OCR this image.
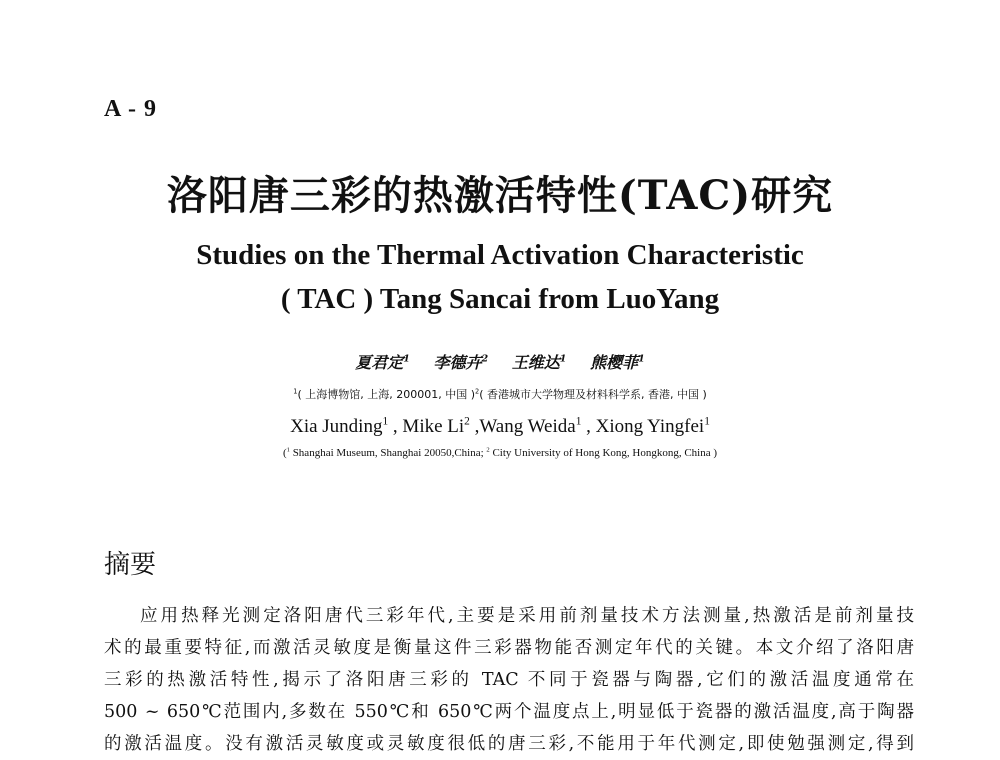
A - 9
洛阳唐三彩的热激活特性(TAC)研究
Studies on the Thermal Activation Characteristic
( TAC ) Tang Sancai from LuoYang
夏君定$^1$ 李德卉$^2$ 王维达$^1$ 熊樱菲$^1$
$^1$( 上海博物馆, 上海, 200001, 中国 )$^2$( 香港城市大学物理及材料科学系, 香港, 中国 )
Xia Junding$^1$ , Mike Li$^2$ ,Wang Weida$^1$ , Xiong Yingfei$^1$
($^1$ Shanghai Museum, Shanghai 20050,China; $^2$ City University of Hong Kong, Hongkong, China )
摘要
应用热释光测定洛阳唐代三彩年代,主要是采用前剂量技术方法测量,热激活是前剂量技
术的最重要特征,而激活灵敏度是衡量这件三彩器物能否测定年代的关键。本文介绍了洛阳唐
三彩的热激活特性,揭示了洛阳唐三彩的 TAC 不同于瓷器与陶器,它们的激活温度通常在
500 ~ 650℃范围内,多数在 550℃和 650℃两个温度点上,明显低于瓷器的激活温度,高于陶器
的激活温度。没有激活灵敏度或灵敏度很低的唐三彩,不能用于年代测定,即使勉强测定,得到
